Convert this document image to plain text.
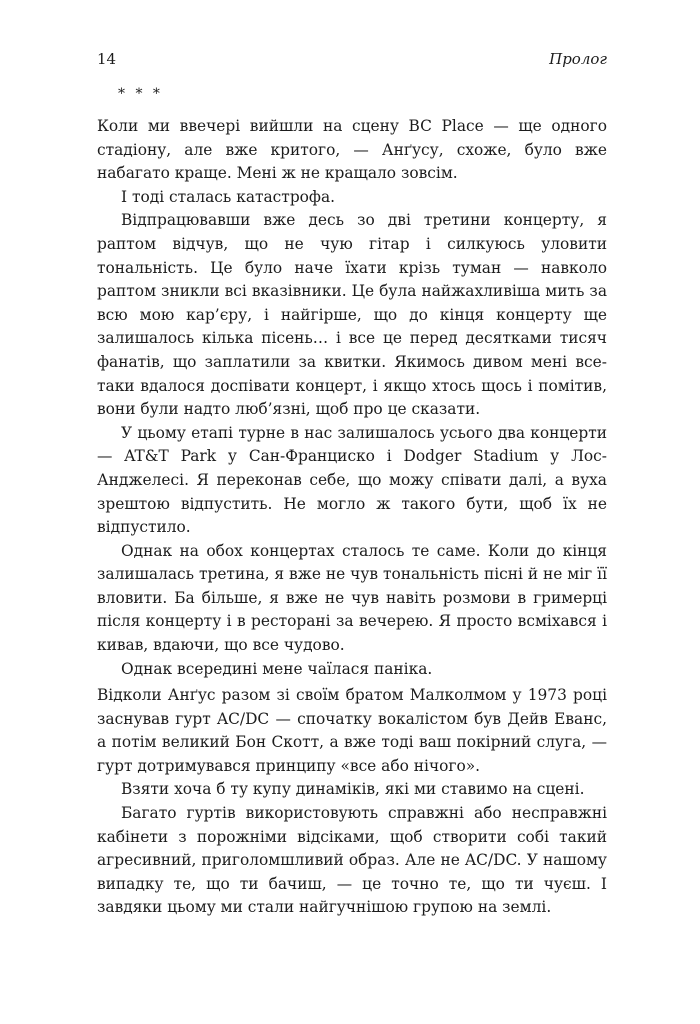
14	Пролог
* * *

Коли ми ввечері вийшли на сцену BC Place — ще одного стадіону, але вже критого, — Анґусу, схоже, було вже набагато краще. Мені ж не кращало зовсім.

І тоді сталась катастрофа.

Відпрацювавши вже десь зо дві третини концерту, я раптом відчув, що не чую гітар і силкуюсь уловити тональність. Це було наче їхати крізь туман — навколо раптом зникли всі вказівники. Це була найжахливіша мить за всю мою кар’єру, і найгірше, що до кінця концерту ще залишалось кілька пісень… і все це перед десятками тисяч фанатів, що заплатили за квитки. Якимось дивом мені все-таки вдалося доспівати концерт, і якщо хтось щось і помітив, вони були надто люб’язні, щоб про це сказати.

У цьому етапі турне в нас залишалось усього два концерти — AT&T Park у Сан-Франциско і Dodger Stadium у Лос-Анджелесі. Я переконав себе, що можу співати далі, а вуха зрештою відпустить. Не могло ж такого бути, щоб їх не відпустило.

Однак на обох концертах сталось те саме. Коли до кінця залишалась третина, я вже не чув тональність пісні й не міг її вловити. Ба більше, я вже не чув навіть розмови в гримерці після концерту і в ресторані за вечерею. Я просто всміхався і кивав, вдаючи, що все чудово.

Однак всередині мене чаїлася паніка.

Відколи Анґус разом зі своїм братом Малколмом у 1973 році заснував гурт AC/DC — спочатку вокалістом був Дейв Еванс, а потім великий Бон Скотт, а вже тоді ваш покірний слуга, — гурт дотримувався принципу «все або нічого».

Взяти хоча б ту купу динаміків, які ми ставимо на сцені.

Багато гуртів використовують справжні або несправжні кабінети з порожніми відсіками, щоб створити собі такий агресивний, приголомшливий образ. Але не AC/DC. У нашому випадку те, що ти бачиш, — це точно те, що ти чуєш. І завдяки цьому ми стали найгучнішою групою на землі.
